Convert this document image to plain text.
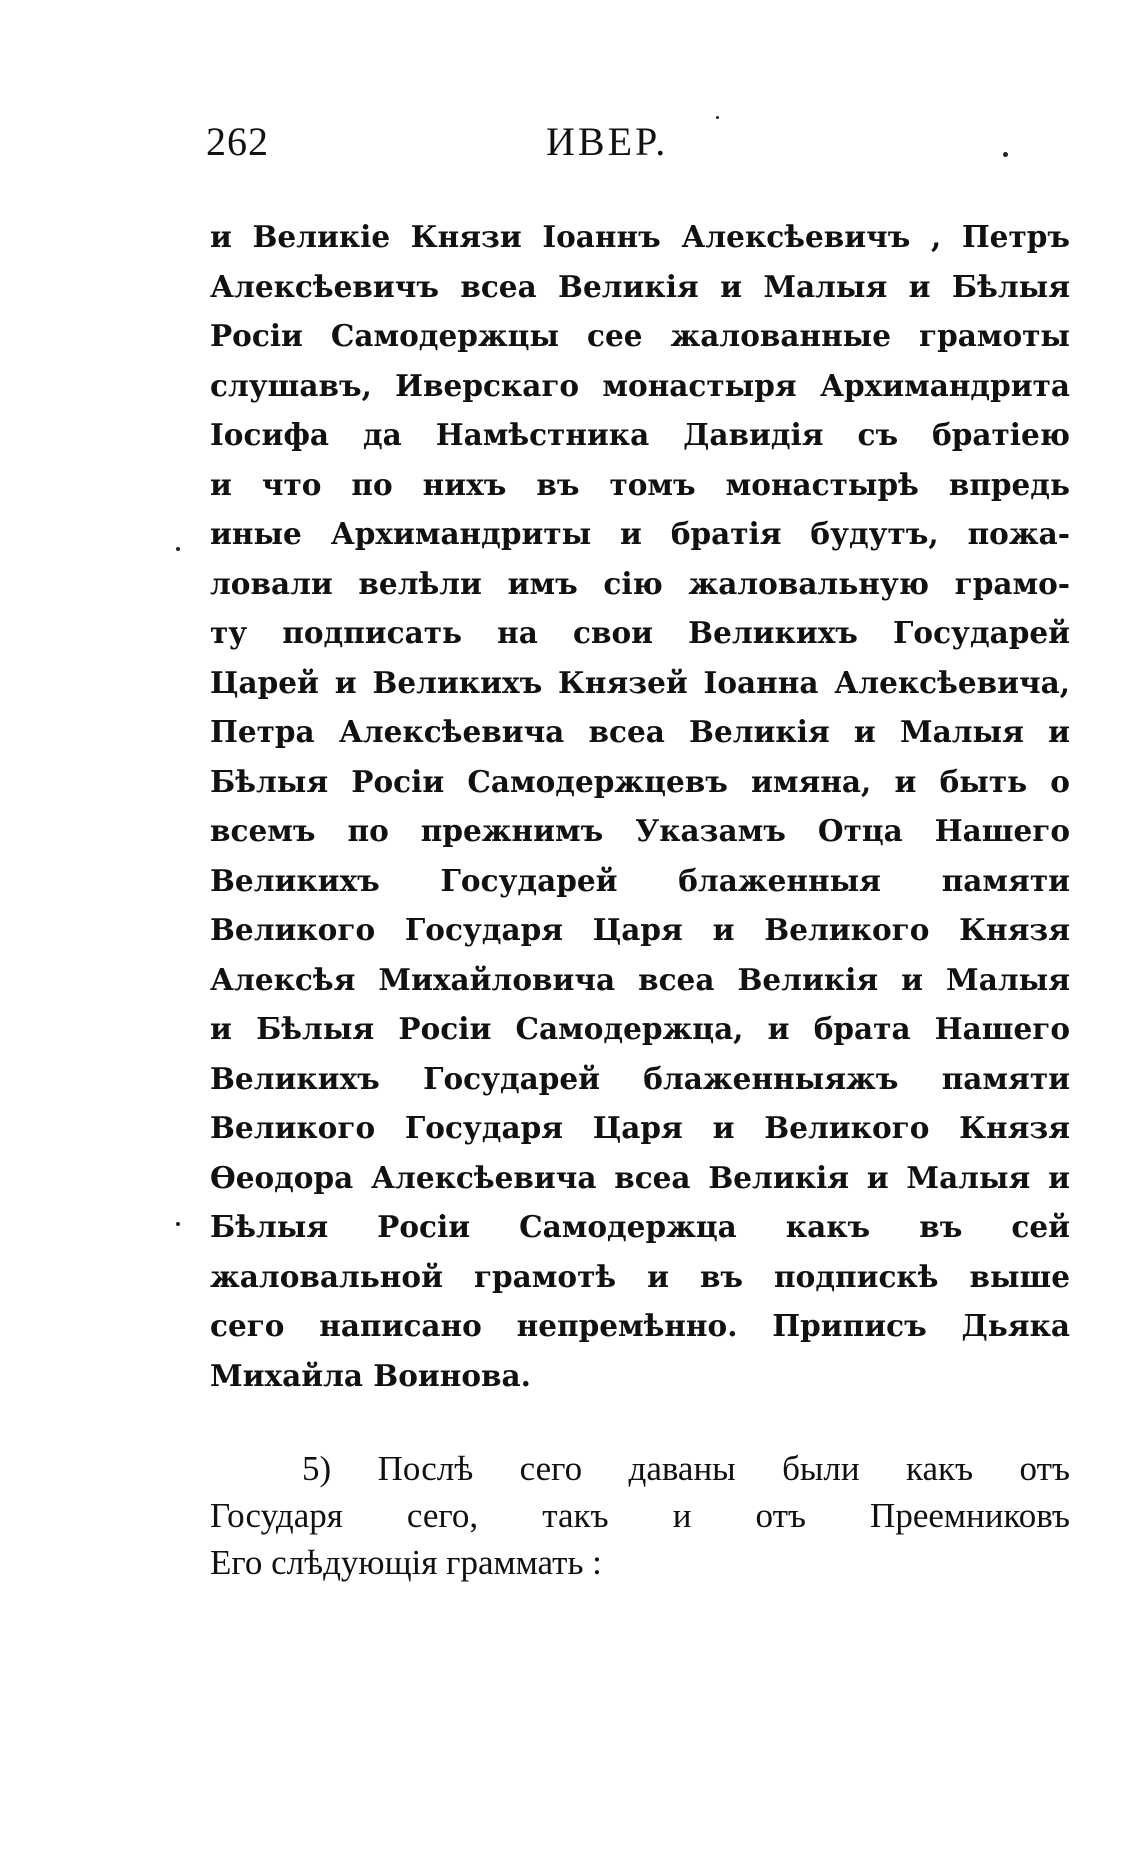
262	ИВЕР.
и Великіе Князи Іоаннъ Алексѣевичъ , Петръ
Алексѣевичъ всеа Великія и Малыя и Бѣлыя
Росіи Самодержцы сее жалованные грамоты
слушавъ, Иверскаго монастыря Архимандрита
Іосифа да Намѣстника Давидія съ братіею
и что по нихъ въ томъ монастырѣ впредь
иные Архимандриты и братія будутъ, пожа-
ловали велѣли имъ сію жаловальную грамо-
ту подписать на свои Великихъ Государей
Царей и Великихъ Князей Іоанна Алексѣевича,
Петра Алексѣевича всеа Великія и Малыя и
Бѣлыя Росіи Самодержцевъ имяна, и быть о
всемъ по прежнимъ Указамъ Отца Нашего
Великихъ Государей блаженныя памяти
Великого Государя Царя и Великого Князя
Алексѣя Михайловича всеа Великія и Малыя
и Бѣлыя Росіи Самодержца, и брата Нашего
Великихъ Государей блаженныяжъ памяти
Великого Государя Царя и Великого Князя
Ѳеодора Алексѣевича всеа Великія и Малыя и
Бѣлыя Росіи Самодержца какъ въ сей
жаловальной грамотѣ и въ подпискѣ выше
сего написано непремѣнно. Приписъ Дьяка
Михайла Воинова.
5) Послѣ сего даваны были какъ отъ
Государя сего, такъ и отъ Преемниковъ
Его слѣдующія граммать :
